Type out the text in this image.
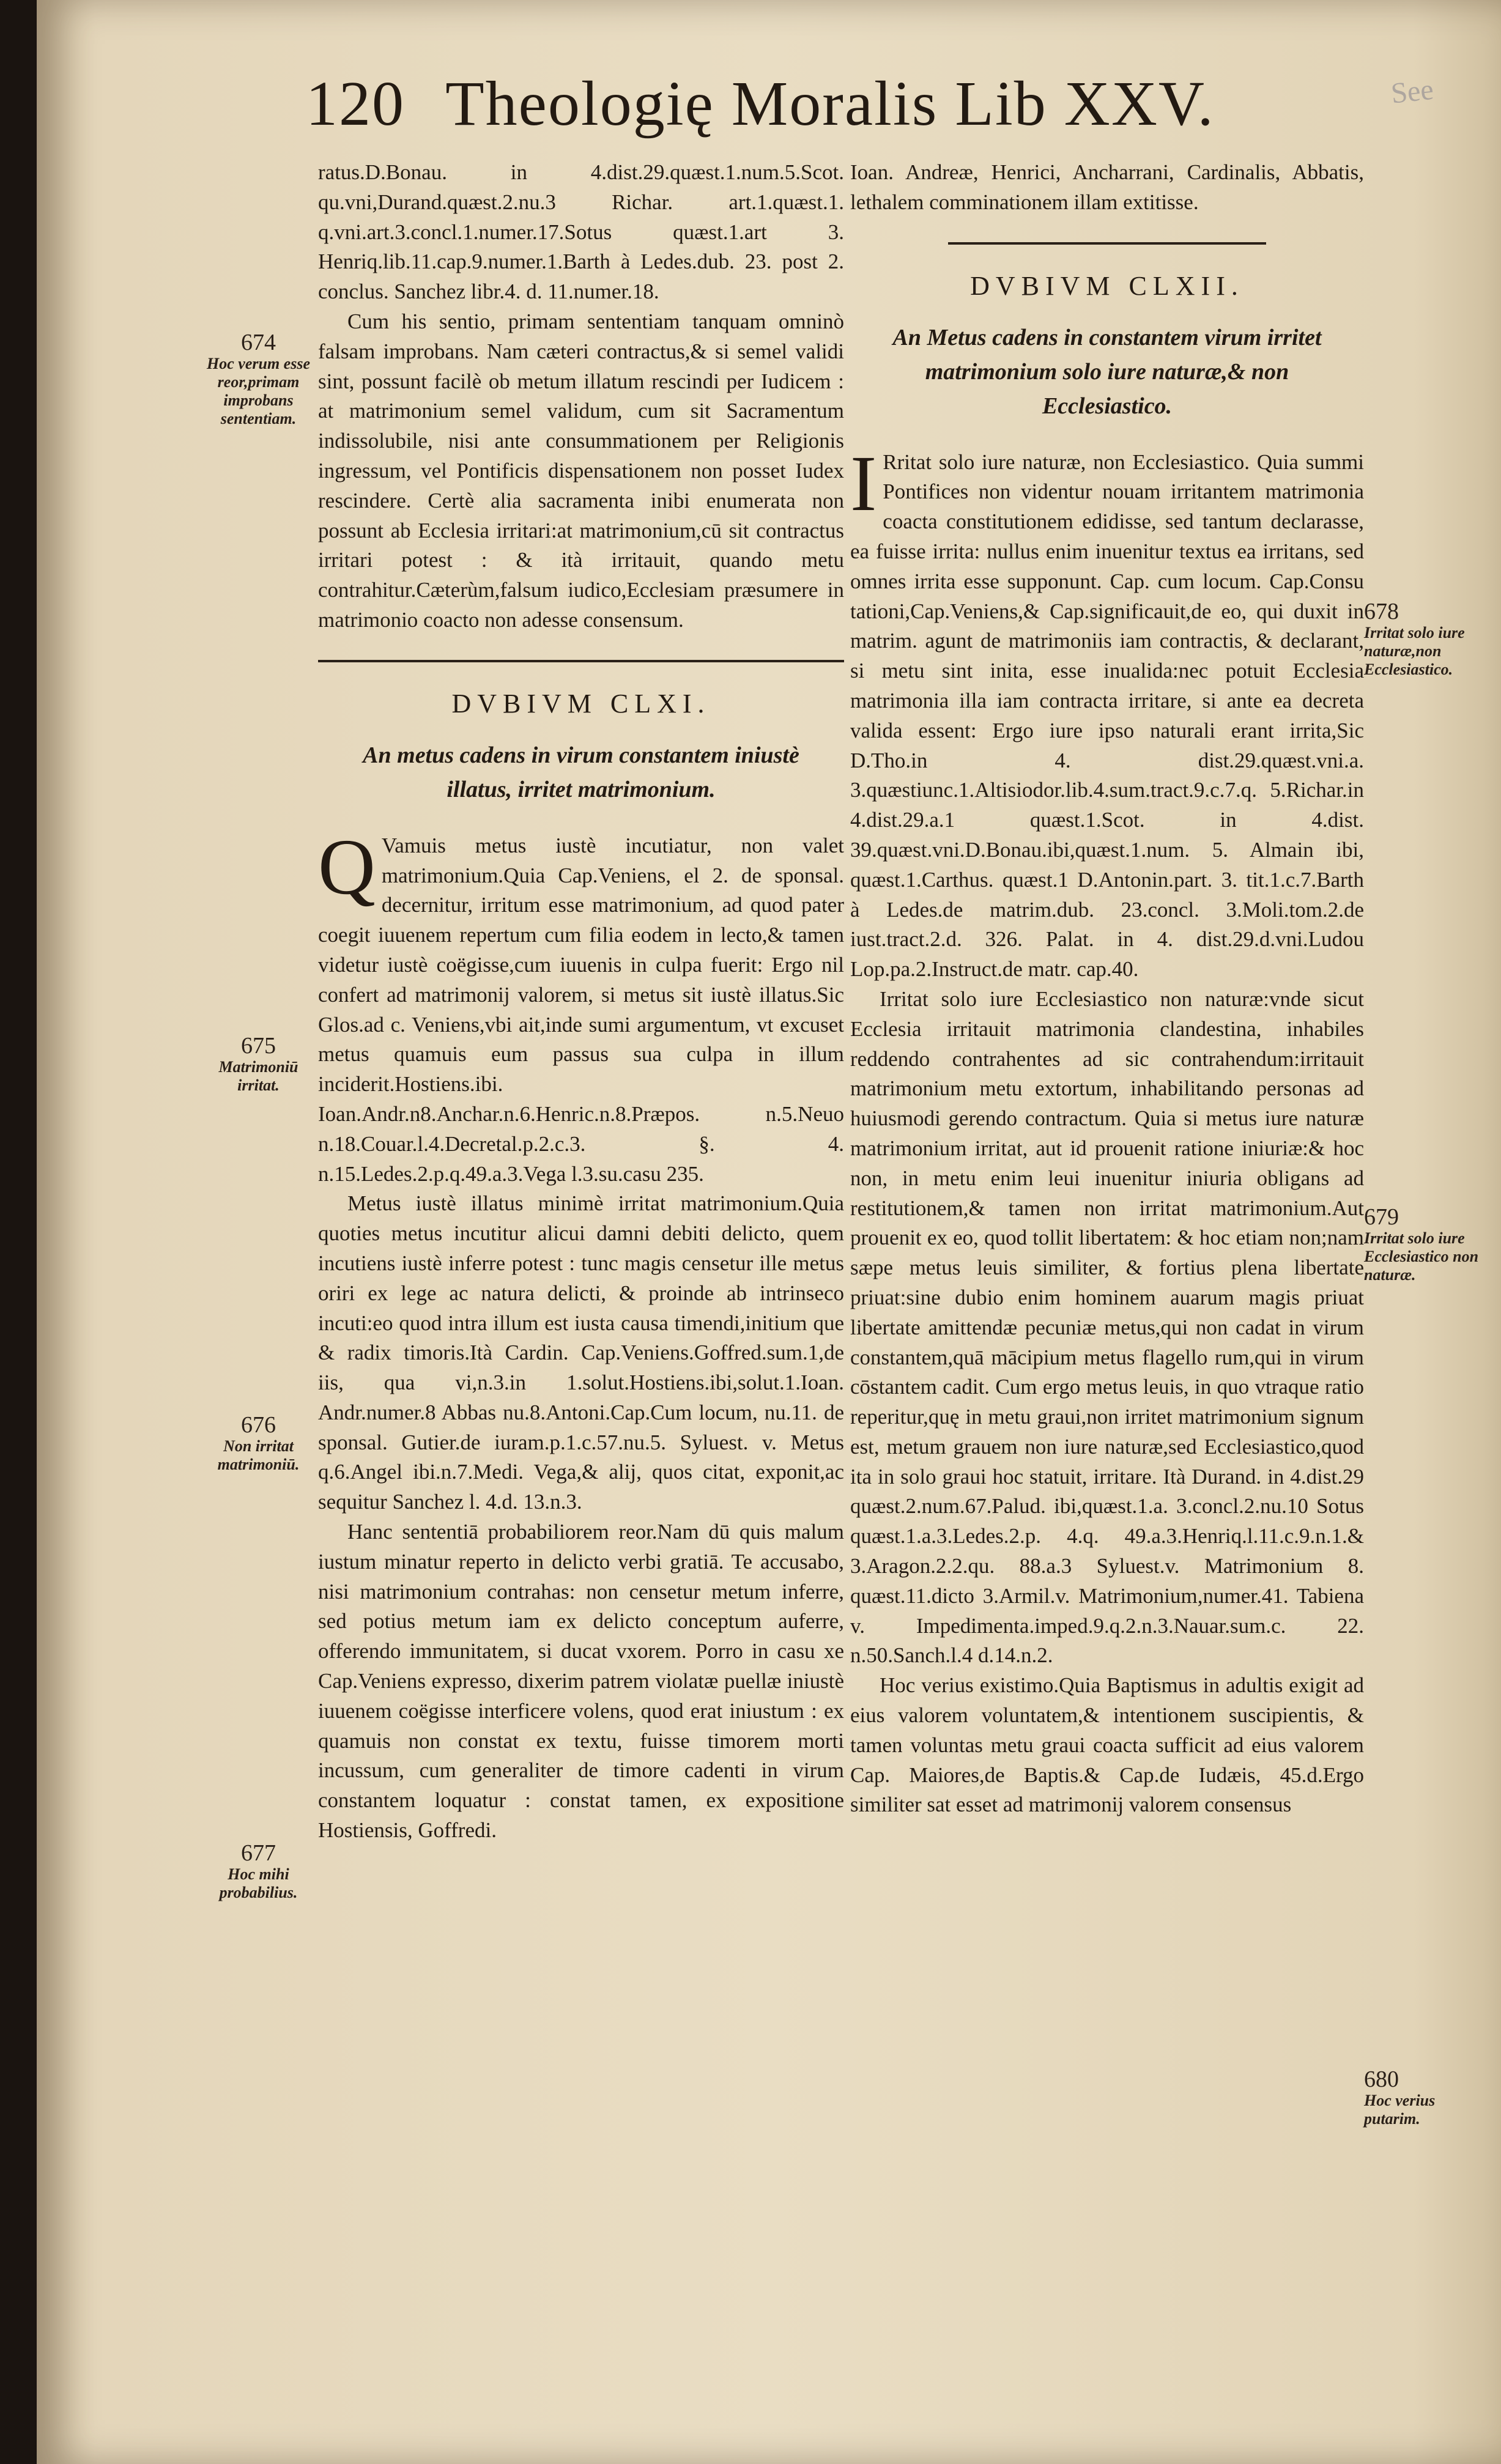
See
120 Theologię Moralis Lib XXV.

ratus.D.Bonau. in 4.dist.29.quæst.1.num.5.Scot. qu.vni,Durand.quæst.2.nu.3 Richar. art.1.quæst.1. q.vni.art.3.concl.1.numer.17.Sotus quæst.1.art 3. Henriq.lib.11.cap.9.numer.1.Barth à Ledes.dub. 23. post 2. conclus. Sanchez libr.4. d. 11.numer.18.

Cum his sentio, primam sententiam tanquam omninò falsam improbans. Nam cæteri contractus,& si semel validi sint, possunt facilè ob metum illatum rescindi per Iudicem : at matrimonium semel validum, cum sit Sacramentum indissolubile, nisi ante consummationem per Religionis ingressum, vel Pontificis dispensationem non posset Iudex rescindere. Certè alia sacramenta inibi enumerata non possunt ab Ecclesia irritari:at matrimonium,cū sit contractus irritari potest : & ità irritauit, quando metu contrahitur.Cæterùm,falsum iudico,Ecclesiam præsumere in matrimonio coacto non adesse consensum.

DVBIVM CLXI.
An metus cadens in virum constantem iniustè illatus, irritet matrimonium.
Q Vamuis metus iustè incutiatur, non valet matrimonium.Quia Cap.Veniens, el 2. de sponsal. decernitur, irritum esse matrimonium, ad quod pater coegit iuuenem repertum cum filia eodem in lecto,& tamen videtur iustè coëgisse,cum iuuenis in culpa fuerit: Ergo nil confert ad matrimonij valorem, si metus sit iustè illatus.Sic Glos.ad c. Veniens,vbi ait,inde sumi argumentum, vt excuset metus quamuis eum passus sua culpa in illum inciderit.Hostiens.ibi. Ioan.Andr.n8.Anchar.n.6.Henric.n.8.Præpos. n.5.Neuo n.18.Couar.l.4.Decretal.p.2.c.3. §. 4. n.15.Ledes.2.p.q.49.a.3.Vega l.3.su.casu 235.

Metus iustè illatus minimè irritat matrimonium.Quia quoties metus incutitur alicui damni debiti delicto, quem incutiens iustè inferre potest : tunc magis censetur ille metus oriri ex lege ac natura delicti, & proinde ab intrinseco incuti:eo quod intra illum est iusta causa timendi,initium que & radix timoris.Ità Cardin. Cap.Veniens.Goffred.sum.1,de iis, qua vi,n.3.in 1.solut.Hostiens.ibi,solut.1.Ioan. Andr.numer.8 Abbas nu.8.Antoni.Cap.Cum locum, nu.11. de sponsal. Gutier.de iuram.p.1.c.57.nu.5. Syluest. v. Metus q.6.Angel ibi.n.7.Medi. Vega,& alij, quos citat, exponit,ac sequitur Sanchez l. 4.d. 13.n.3.

Hanc sententiā probabiliorem reor.Nam dū quis malum iustum minatur reperto in delicto verbi gratiā. Te accusabo, nisi matrimonium contrahas: non censetur metum inferre, sed potius metum iam ex delicto conceptum auferre, offerendo immunitatem, si ducat vxorem. Porro in casu xe Cap.Veniens expresso, dixerim patrem violatæ puellæ iniustè iuuenem coëgisse interficere volens, quod erat iniustum : ex quamuis non constat ex textu, fuisse timorem morti incussum, cum generaliter de timore cadenti in virum constantem loquatur : constat tamen, ex expositione Hostiensis, Goffredi.

Ioan. Andreæ, Henrici, Ancharrani, Cardinalis, Abbatis, lethalem comminationem illam extitisse.

DVBIVM CLXII.
An Metus cadens in constantem virum irritet matrimonium solo iure naturæ,& non Ecclesiastico.
I Rritat solo iure naturæ, non Ecclesiastico. Quia summi Pontifices non videntur nouam irritantem matrimonia coacta constitutionem edidisse, sed tantum declarasse, ea fuisse irrita: nullus enim inuenitur textus ea irritans, sed omnes irrita esse supponunt. Cap. cum locum. Cap.Consu tationi,Cap.Veniens,& Cap.significauit,de eo, qui duxit in matrim. agunt de matrimoniis iam contractis, & declarant, si metu sint inita, esse inualida:nec potuit Ecclesia matrimonia illa iam contracta irritare, si ante ea decreta valida essent: Ergo iure ipso naturali erant irrita,Sic D.Tho.in 4. dist.29.quæst.vni.a. 3.quæstiunc.1.Altisiodor.lib.4.sum.tract.9.c.7.q. 5.Richar.in 4.dist.29.a.1 quæst.1.Scot. in 4.dist. 39.quæst.vni.D.Bonau.ibi,quæst.1.num. 5. Almain ibi, quæst.1.Carthus. quæst.1 D.Antonin.part. 3. tit.1.c.7.Barth à Ledes.de matrim.dub. 23.concl. 3.Moli.tom.2.de iust.tract.2.d. 326. Palat. in 4. dist.29.d.vni.Ludou Lop.pa.2.Instruct.de matr. cap.40.

Irritat solo iure Ecclesiastico non naturæ:vnde sicut Ecclesia irritauit matrimonia clandestina, inhabiles reddendo contrahentes ad sic contrahendum:irritauit matrimonium metu extortum, inhabilitando personas ad huiusmodi gerendo contractum. Quia si metus iure naturæ matrimonium irritat, aut id prouenit ratione iniuriæ:& hoc non, in metu enim leui inuenitur iniuria obligans ad restitutionem,& tamen non irritat matrimonium.Aut prouenit ex eo, quod tollit libertatem: & hoc etiam non;nam sæpe metus leuis similiter, & fortius plena libertate priuat:sine dubio enim hominem auarum magis priuat libertate amittendæ pecuniæ metus,qui non cadat in virum constantem,quā mācipium metus flagello rum,qui in virum cōstantem cadit. Cum ergo metus leuis, in quo vtraque ratio reperitur,quę in metu graui,non irritet matrimonium signum est, metum grauem non iure naturæ,sed Ecclesiastico,quod ita in solo graui hoc statuit, irritare. Ità Durand. in 4.dist.29 quæst.2.num.67.Palud. ibi,quæst.1.a. 3.concl.2.nu.10 Sotus quæst.1.a.3.Ledes.2.p. 4.q. 49.a.3.Henriq.l.11.c.9.n.1.& 3.Aragon.2.2.qu. 88.a.3 Syluest.v. Matrimonium 8. quæst.11.dicto 3.Armil.v. Matrimonium,numer.41. Tabiena v. Impedimenta.imped.9.q.2.n.3.Nauar.sum.c. 22. n.50.Sanch.l.4 d.14.n.2.

Hoc verius existimo.Quia Baptismus in adultis exigit ad eius valorem voluntatem,& intentionem suscipientis, & tamen voluntas metu graui coacta sufficit ad eius valorem Cap. Maiores,de Baptis.& Cap.de Iudæis, 45.d.Ergo similiter sat esset ad matrimonij valorem consensus

674
Hoc verum esse reor,primam improbans sententiam.
675
Matrimoniū irritat.
676
Non irritat matrimoniū.
677
Hoc mihi probabilius.
678
Irritat solo iure naturæ,non Ecclesiastico.
679
Irritat solo iure Ecclesiastico non naturæ.
680
Hoc verius putarim.
